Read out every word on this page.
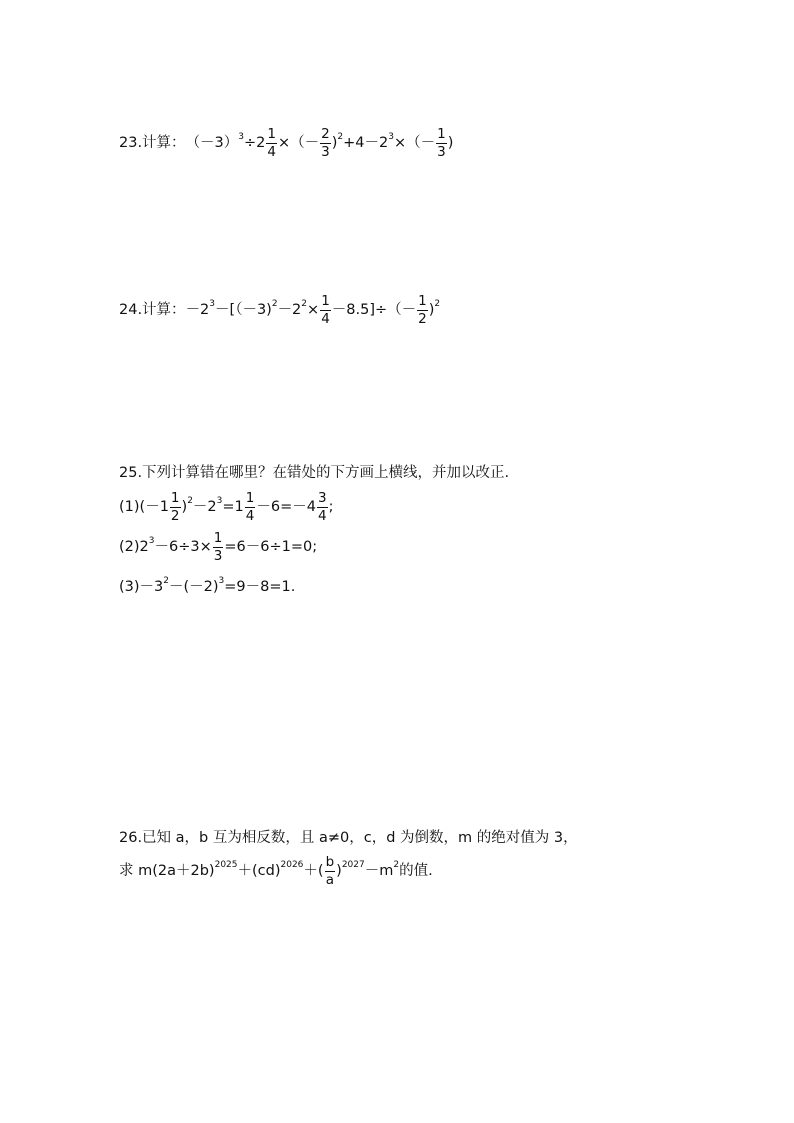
23.计算： $(-3)^3 \div 2 \frac{1}{4}$ ×（－ $\frac{2}{3} )^2 +4-2^3$ ×（－ $\frac{1}{3}$ )
24.计算： $-2^3 -[(-3)^2 -2^2 \times \frac{1}{4} -8.5]\div(- \frac{1}{2} )^2$
25.下列计算错在哪里？在错处的下方画上横线，并加以改正.
$(1)(-1 \frac{1}{2} )^2 -2^3 =1 \frac{1}{4} -6=-4 \frac{3}{4}$ ;
$(2)2^3 -6\div 3\times \frac{1}{3} =6-6\div 1=0$;
$(3)-3^2 -(-2)^3 =9-8=1$.
26.已知 a，b 互为相反数，且 a≠0，c，d 为倒数，m 的绝对值为 3，
求 $m(2a+2b)^{2025} +(cd)^{2026}$ ＋( $\frac{b}{a} )^{2027} -m^2$ 的值.
